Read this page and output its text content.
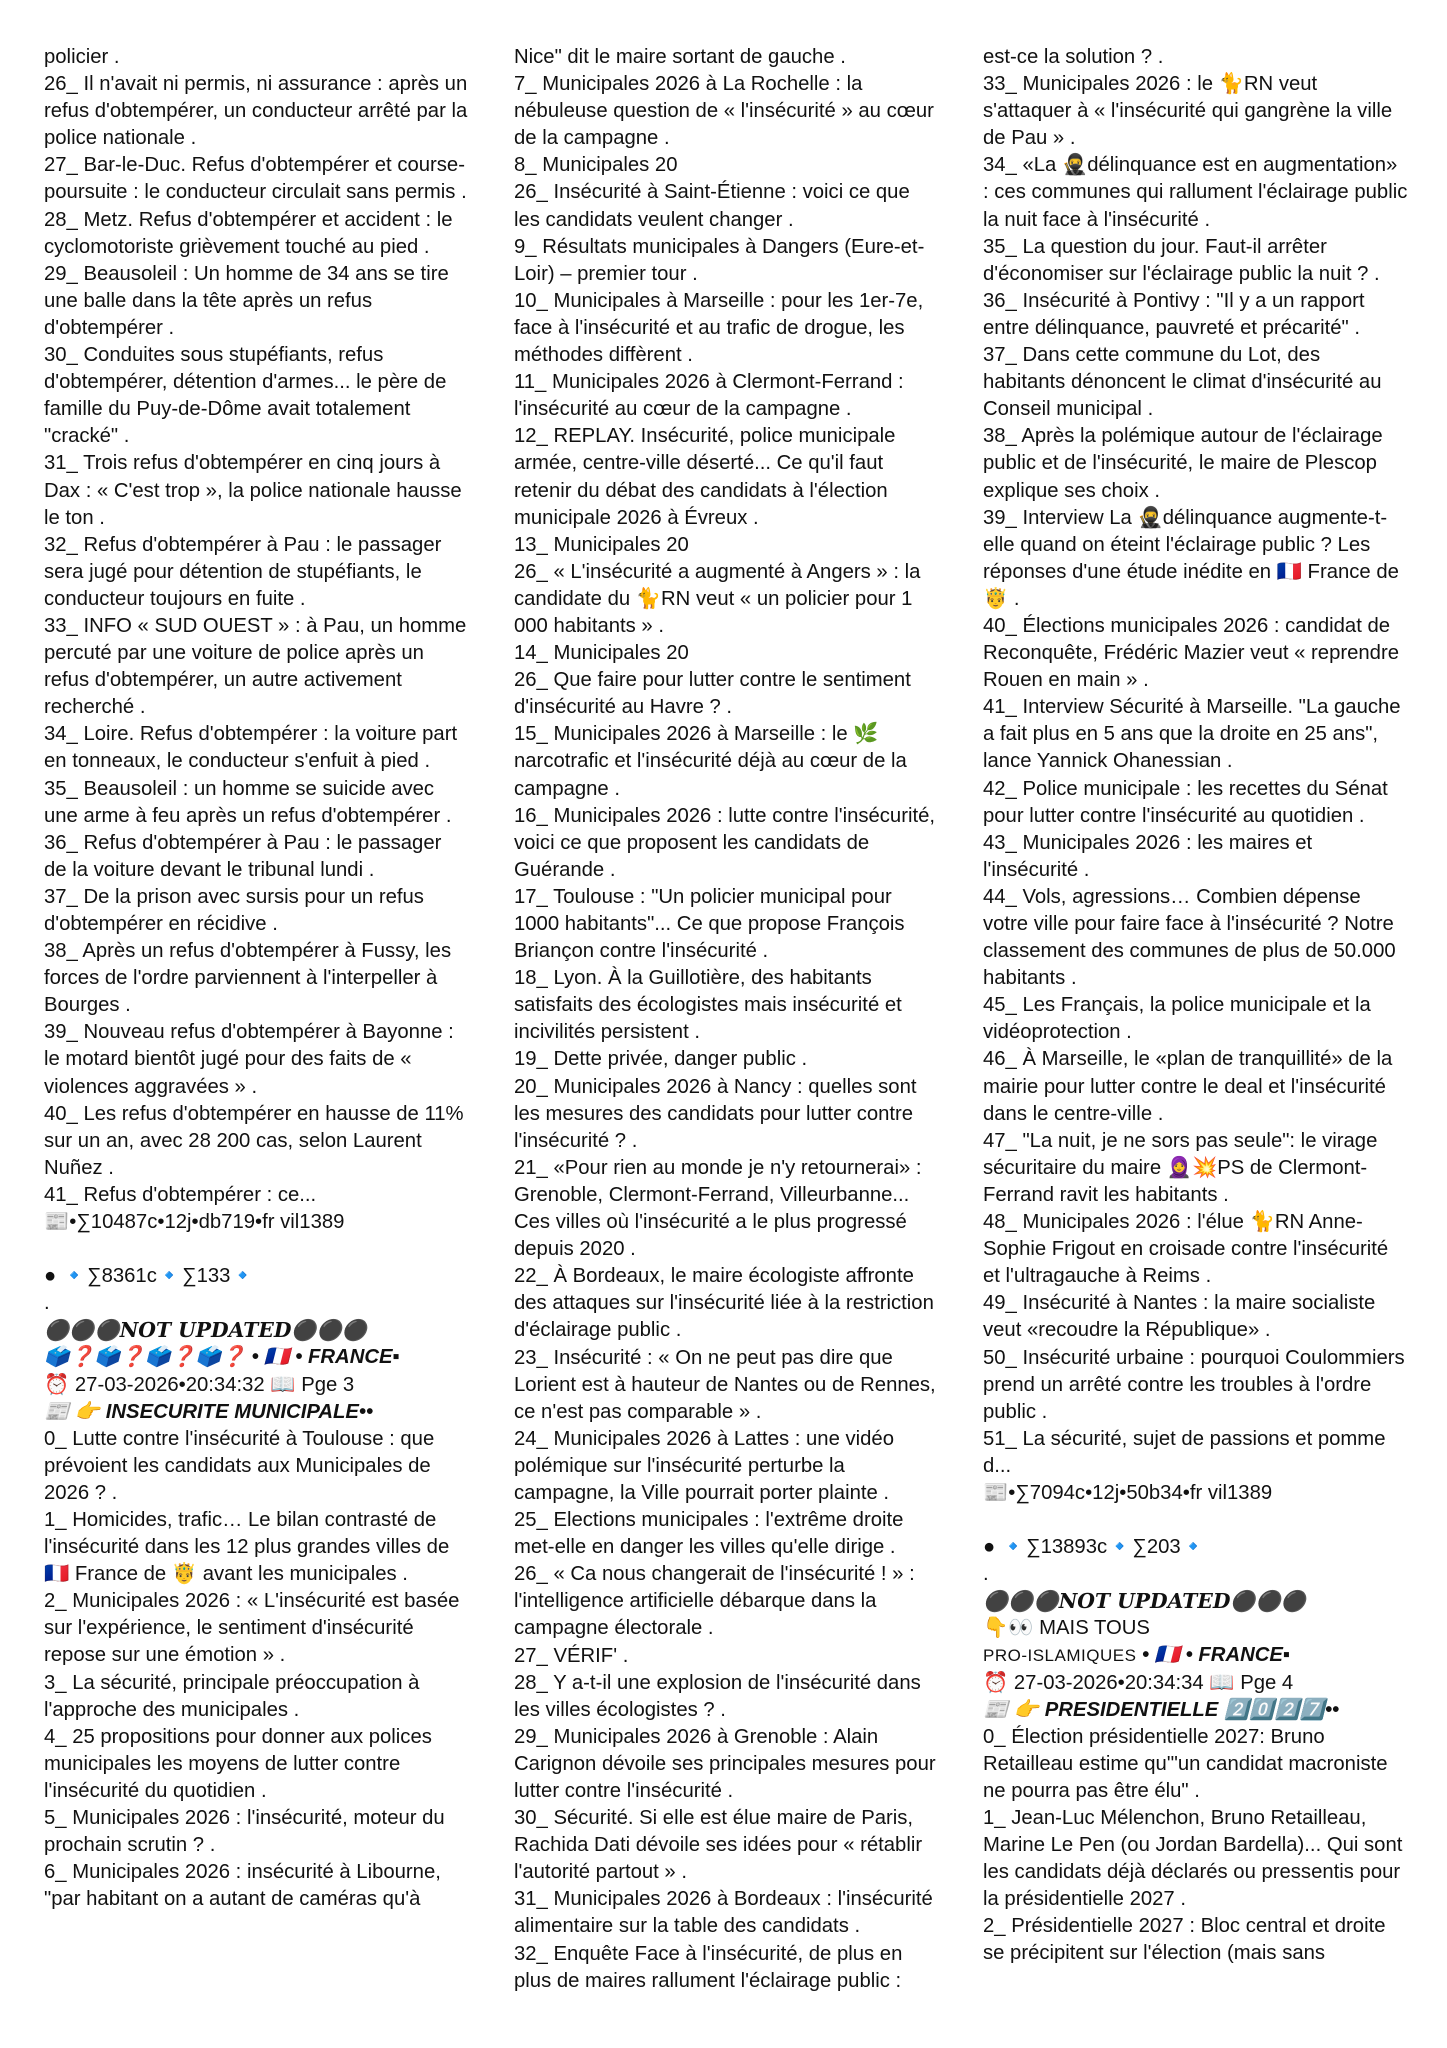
policier .
26_ Il n'avait ni permis, ni assurance : après un refus d'obtempérer, un conducteur arrêté par la police nationale .
27_ Bar-le-Duc. Refus d'obtempérer et course-poursuite : le conducteur circulait sans permis .
28_ Metz. Refus d'obtempérer et accident : le cyclomotoriste grièvement touché au pied .
29_ Beausoleil : Un homme de 34 ans se tire une balle dans la tête après un refus d'obtempérer .
30_ Conduites sous stupéfiants, refus d'obtempérer, détention d'armes... le père de famille du Puy-de-Dôme avait totalement "cracké" .
31_ Trois refus d'obtempérer en cinq jours à Dax : « C'est trop », la police nationale hausse le ton .
32_ Refus d'obtempérer à Pau : le passager sera jugé pour détention de stupéfiants, le conducteur toujours en fuite .
33_ INFO « SUD OUEST » : à Pau, un homme percuté par une voiture de police après un refus d'obtempérer, un autre activement recherché .
34_ Loire. Refus d'obtempérer : la voiture part en tonneaux, le conducteur s'enfuit à pied .
35_ Beausoleil : un homme se suicide avec une arme à feu après un refus d'obtempérer .
36_ Refus d'obtempérer à Pau : le passager de la voiture devant le tribunal lundi .
37_ De la prison avec sursis pour un refus d'obtempérer en récidive .
38_ Après un refus d'obtempérer à Fussy, les forces de l'ordre parviennent à l'interpeller à Bourges .
39_ Nouveau refus d'obtempérer à Bayonne : le motard bientôt jugé pour des faits de « violences aggravées » .
40_ Les refus d'obtempérer en hausse de 11% sur un an, avec 28 200 cas, selon Laurent Nuñez .
41_ Refus d'obtempérer : ce...
📰•∑10487c•12j•db719•fr vil1389
● 🔹∑8361c🔹∑133🔹
.
⚫⚫⚫NOT UPDATED⚫⚫⚫
🗳️❓🗳️❓🗳️❓🗳️❓ • 🇫🇷 • FRANCE▪
⏰ 27-03-2026•20:34:32 📖 Pge 3
📰 👉 INSECURITE MUNICIPALE••
0_ Lutte contre l'insécurité à Toulouse : que prévoient les candidats aux Municipales de 2026 ? .
1_ Homicides, trafic… Le bilan contrasté de l'insécurité dans les 12 plus grandes villes de 🇫🇷 France de 🤴 avant les municipales .
2_ Municipales 2026 : « L'insécurité est basée sur l'expérience, le sentiment d'insécurité repose sur une émotion » .
3_ La sécurité, principale préoccupation à l'approche des municipales .
4_ 25 propositions pour donner aux polices municipales les moyens de lutter contre l'insécurité du quotidien .
5_ Municipales 2026 : l'insécurité, moteur du prochain scrutin ? .
6_ Municipales 2026 : insécurité à Libourne, "par habitant on a autant de caméras qu'à
Nice" dit le maire sortant de gauche .
7_ Municipales 2026 à La Rochelle : la nébuleuse question de « l'insécurité » au cœur de la campagne .
8_ Municipales 20
26_ Insécurité à Saint-Étienne : voici ce que les candidats veulent changer .
9_ Résultats municipales à Dangers (Eure-et-Loir) – premier tour .
10_ Municipales à Marseille : pour les 1er-7e, face à l'insécurité et au trafic de drogue, les méthodes diffèrent .
11_ Municipales 2026 à Clermont-Ferrand : l'insécurité au cœur de la campagne .
12_ REPLAY. Insécurité, police municipale armée, centre-ville déserté... Ce qu'il faut retenir du débat des candidats à l'élection municipale 2026 à Évreux .
13_ Municipales 20
26_ « L'insécurité a augmenté à Angers » : la candidate du 🐈RN veut « un policier pour 1 000 habitants » .
14_ Municipales 20
26_ Que faire pour lutter contre le sentiment d'insécurité au Havre ? .
15_ Municipales 2026 à Marseille : le 🌿narcotrafic et l'insécurité déjà au cœur de la campagne .
16_ Municipales 2026 : lutte contre l'insécurité, voici ce que proposent les candidats de Guérande .
17_ Toulouse : "Un policier municipal pour 1000 habitants"... Ce que propose François Briançon contre l'insécurité .
18_ Lyon. À la Guillotière, des habitants satisfaits des écologistes mais insécurité et incivilités persistent .
19_ Dette privée, danger public .
20_ Municipales 2026 à Nancy : quelles sont les mesures des candidats pour lutter contre l'insécurité ? .
21_ «Pour rien au monde je n'y retournerai» : Grenoble, Clermont-Ferrand, Villeurbanne... Ces villes où l'insécurité a le plus progressé depuis 2020 .
22_ À Bordeaux, le maire écologiste affronte des attaques sur l'insécurité liée à la restriction d'éclairage public .
23_ Insécurité : « On ne peut pas dire que Lorient est à hauteur de Nantes ou de Rennes, ce n'est pas comparable » .
24_ Municipales 2026 à Lattes : une vidéo polémique sur l'insécurité perturbe la campagne, la Ville pourrait porter plainte .
25_ Elections municipales : l'extrême droite met-elle en danger les villes qu'elle dirige .
26_ « Ca nous changerait de l'insécurité ! » : l'intelligence artificielle débarque dans la campagne électorale .
27_ VÉRIF' .
28_ Y a-t-il une explosion de l'insécurité dans les villes écologistes ? .
29_ Municipales 2026 à Grenoble : Alain Carignon dévoile ses principales mesures pour lutter contre l'insécurité .
30_ Sécurité. Si elle est élue maire de Paris, Rachida Dati dévoile ses idées pour « rétablir l'autorité partout » .
31_ Municipales 2026 à Bordeaux : l'insécurité alimentaire sur la table des candidats .
32_ Enquête Face à l'insécurité, de plus en plus de maires rallument l'éclairage public :
est-ce la solution ? .
33_ Municipales 2026 : le 🐈RN veut s'attaquer à « l'insécurité qui gangrène la ville de Pau » .
34_ «La 🥷délinquance est en augmentation» : ces communes qui rallument l'éclairage public la nuit face à l'insécurité .
35_ La question du jour. Faut-il arrêter d'économiser sur l'éclairage public la nuit ? .
36_ Insécurité à Pontivy : "Il y a un rapport entre délinquance, pauvreté et précarité" .
37_ Dans cette commune du Lot, des habitants dénoncent le climat d'insécurité au Conseil municipal .
38_ Après la polémique autour de l'éclairage public et de l'insécurité, le maire de Plescop explique ses choix .
39_ Interview La 🥷délinquance augmente-t-elle quand on éteint l'éclairage public ? Les réponses d'une étude inédite en 🇫🇷 France de 🤴 .
40_ Élections municipales 2026 : candidat de Reconquête, Frédéric Mazier veut « reprendre Rouen en main » .
41_ Interview Sécurité à Marseille. "La gauche a fait plus en 5 ans que la droite en 25 ans", lance Yannick Ohanessian .
42_ Police municipale : les recettes du Sénat pour lutter contre l'insécurité au quotidien .
43_ Municipales 2026 : les maires et l'insécurité .
44_ Vols, agressions… Combien dépense votre ville pour faire face à l'insécurité ? Notre classement des communes de plus de 50.000 habitants .
45_ Les Français, la police municipale et la vidéoprotection .
46_ À Marseille, le «plan de tranquillité» de la mairie pour lutter contre le deal et l'insécurité dans le centre-ville .
47_ "La nuit, je ne sors pas seule": le virage sécuritaire du maire 🧕💥PS de Clermont-Ferrand ravit les habitants .
48_ Municipales 2026 : l'élue 🐈RN Anne-Sophie Frigout en croisade contre l'insécurité et l'ultragauche à Reims .
49_ Insécurité à Nantes : la maire socialiste veut «recoudre la République» .
50_ Insécurité urbaine : pourquoi Coulommiers prend un arrêté contre les troubles à l'ordre public .
51_ La sécurité, sujet de passions et pomme d...
📰•∑7094c•12j•50b34•fr vil1389
● 🔹∑13893c🔹∑203🔹
.
⚫⚫⚫NOT UPDATED⚫⚫⚫
👇👀 MAIS TOUS
PRO-ISLAMIQUES • 🇫🇷 • FRANCE▪
⏰ 27-03-2026•20:34:34 📖 Pge 4
📰 👉 PRESIDENTIELLE 2️⃣0️⃣2️⃣7️⃣••
0_ Élection présidentielle 2027: Bruno Retailleau estime qu'"un candidat macroniste ne pourra pas être élu" .
1_ Jean-Luc Mélenchon, Bruno Retailleau, Marine Le Pen (ou Jordan Bardella)... Qui sont les candidats déjà déclarés ou pressentis pour la présidentielle 2027 .
2_ Présidentielle 2027 : Bloc central et droite se précipitent sur l'élection (mais sans
